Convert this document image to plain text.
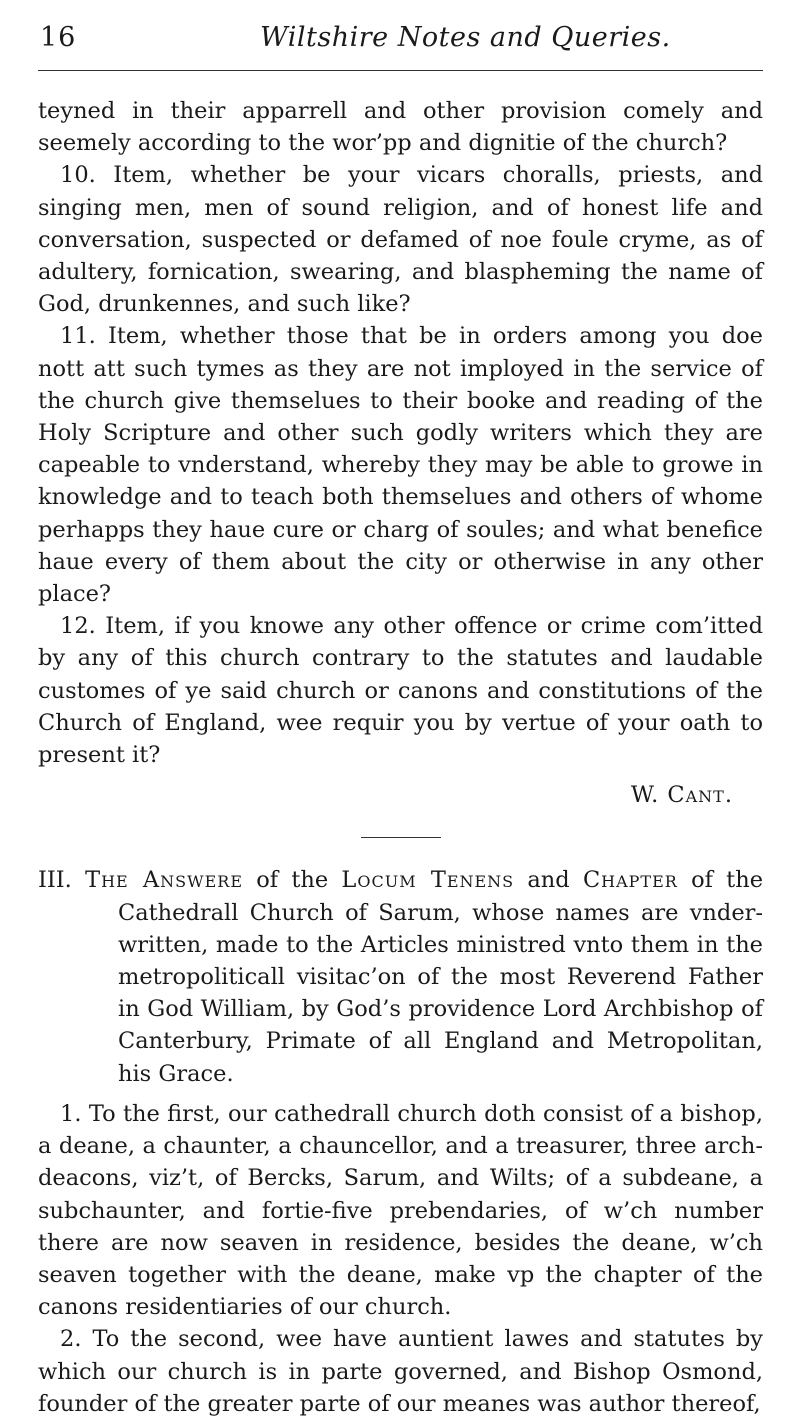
16	Wiltshire Notes and Queries.

teyned in their apparrell and other provision comely and seemely according to the wor’pp and dignitie of the church?

10. Item, whether be your vicars choralls, priests, and singing men, men of sound religion, and of honest life and conversation, suspected or defamed of noe foule cryme, as of adultery, fornication, swearing, and blaspheming the name of God, drunkennes, and such like?

11. Item, whether those that be in orders among you doe nott att such tymes as they are not imployed in the service of the church give themselues to their booke and reading of the Holy Scripture and other such godly writers which they are capeable to vnderstand, whereby they may be able to growe in knowledge and to teach both themselues and others of whome perhapps they haue cure or charg of soules; and what benefice haue every of them about the city or otherwise in any other place?

12. Item, if you knowe any other offence or crime com’itted by any of this church contrary to the statutes and laudable customes of ye said church or canons and constitutions of the Church of England, wee requir you by vertue of your oath to present it?

W. Cant.

III. The Answere of the Locum Tenens and Chapter of the Cathedrall Church of Sarum, whose names are vnder-written, made to the Articles ministred vnto them in the metropoliticall visitac’on of the most Reverend Father in God William, by God’s providence Lord Archbishop of Canterbury, Primate of all England and Metropolitan, his Grace.

1. To the first, our cathedrall church doth consist of a bishop, a deane, a chaunter, a chauncellor, and a treasurer, three arch-deacons, viz’t, of Bercks, Sarum, and Wilts; of a subdeane, a subchaunter, and fortie-five prebendaries, of w’ch number there are now seaven in residence, besides the deane, w’ch seaven together with the deane, make vp the chapter of the canons residentiaries of our church.

2. To the second, wee have auntient lawes and statutes by which our church is in parte governed, and Bishop Osmond, founder of the greater parte of our meanes was author thereof,
